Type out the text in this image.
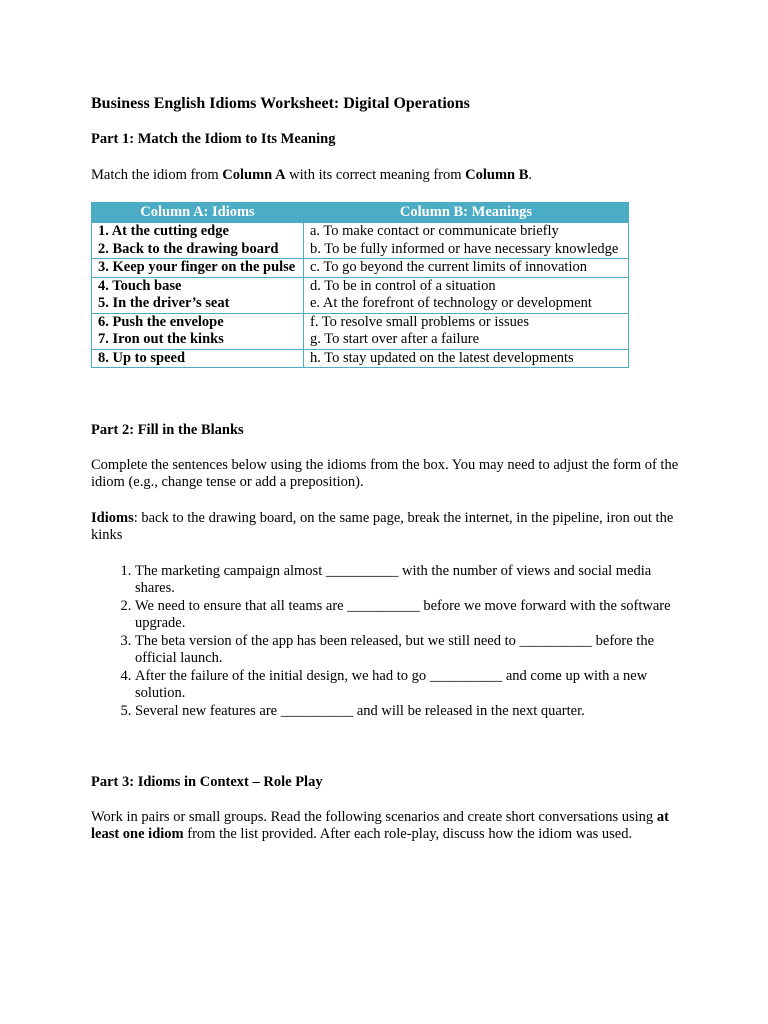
Business English Idioms Worksheet: Digital Operations
Part 1: Match the Idiom to Its Meaning

Match the idiom from Column A with its correct meaning from Column B.

Column A: Idioms	Column B: Meanings
1. At the cutting edge	a. To make contact or communicate briefly
2. Back to the drawing board	b. To be fully informed or have necessary knowledge
3. Keep your finger on the pulse	c. To go beyond the current limits of innovation
4. Touch base	d. To be in control of a situation
5. In the driver’s seat	e. At the forefront of technology or development
6. Push the envelope	f. To resolve small problems or issues
7. Iron out the kinks	g. To start over after a failure
8. Up to speed	h. To stay updated on the latest developments
Part 2: Fill in the Blanks

Complete the sentences below using the idioms from the box. You may need to adjust the form of the idiom (e.g., change tense or add a preposition).

Idioms: back to the drawing board, on the same page, break the internet, in the pipeline, iron out the kinks

1. The marketing campaign almost __________ with the number of views and social media shares.
2. We need to ensure that all teams are __________ before we move forward with the software upgrade.
3. The beta version of the app has been released, but we still need to __________ before the official launch.
4. After the failure of the initial design, we had to go __________ and come up with a new solution.
5. Several new features are __________ and will be released in the next quarter.
Part 3: Idioms in Context – Role Play

Work in pairs or small groups. Read the following scenarios and create short conversations using at least one idiom from the list provided. After each role-play, discuss how the idiom was used.
